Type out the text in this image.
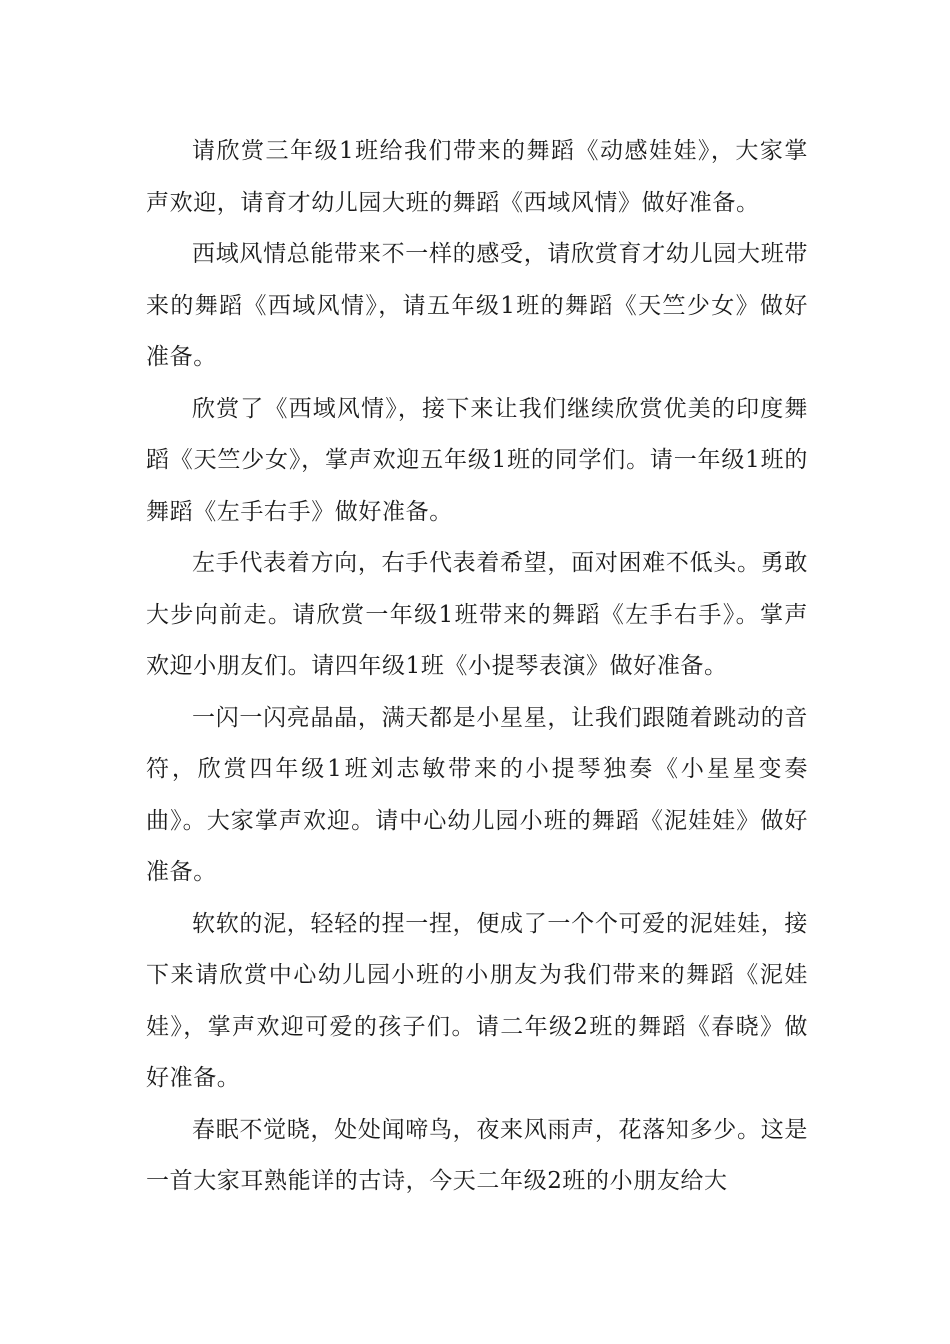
请欣赏三年级1班给我们带来的舞蹈《动感娃娃》，大家掌声欢迎，请育才幼儿园大班的舞蹈《西域风情》做好准备。

西域风情总能带来不一样的感受，请欣赏育才幼儿园大班带来的舞蹈《西域风情》，请五年级1班的舞蹈《天竺少女》做好准备。

欣赏了《西域风情》，接下来让我们继续欣赏优美的印度舞蹈《天竺少女》，掌声欢迎五年级1班的同学们。请一年级1班的舞蹈《左手右手》做好准备。

左手代表着方向，右手代表着希望，面对困难不低头。勇敢大步向前走。请欣赏一年级1班带来的舞蹈《左手右手》。掌声欢迎小朋友们。请四年级1班《小提琴表演》做好准备。

一闪一闪亮晶晶，满天都是小星星，让我们跟随着跳动的音符，欣赏四年级1班刘志敏带来的小提琴独奏《小星星变奏曲》。大家掌声欢迎。请中心幼儿园小班的舞蹈《泥娃娃》做好准备。

软软的泥，轻轻的捏一捏，便成了一个个可爱的泥娃娃，接下来请欣赏中心幼儿园小班的小朋友为我们带来的舞蹈《泥娃娃》，掌声欢迎可爱的孩子们。请二年级2班的舞蹈《春晓》做好准备。

春眠不觉晓，处处闻啼鸟，夜来风雨声，花落知多少。这是一首大家耳熟能详的古诗，今天二年级2班的小朋友给大
